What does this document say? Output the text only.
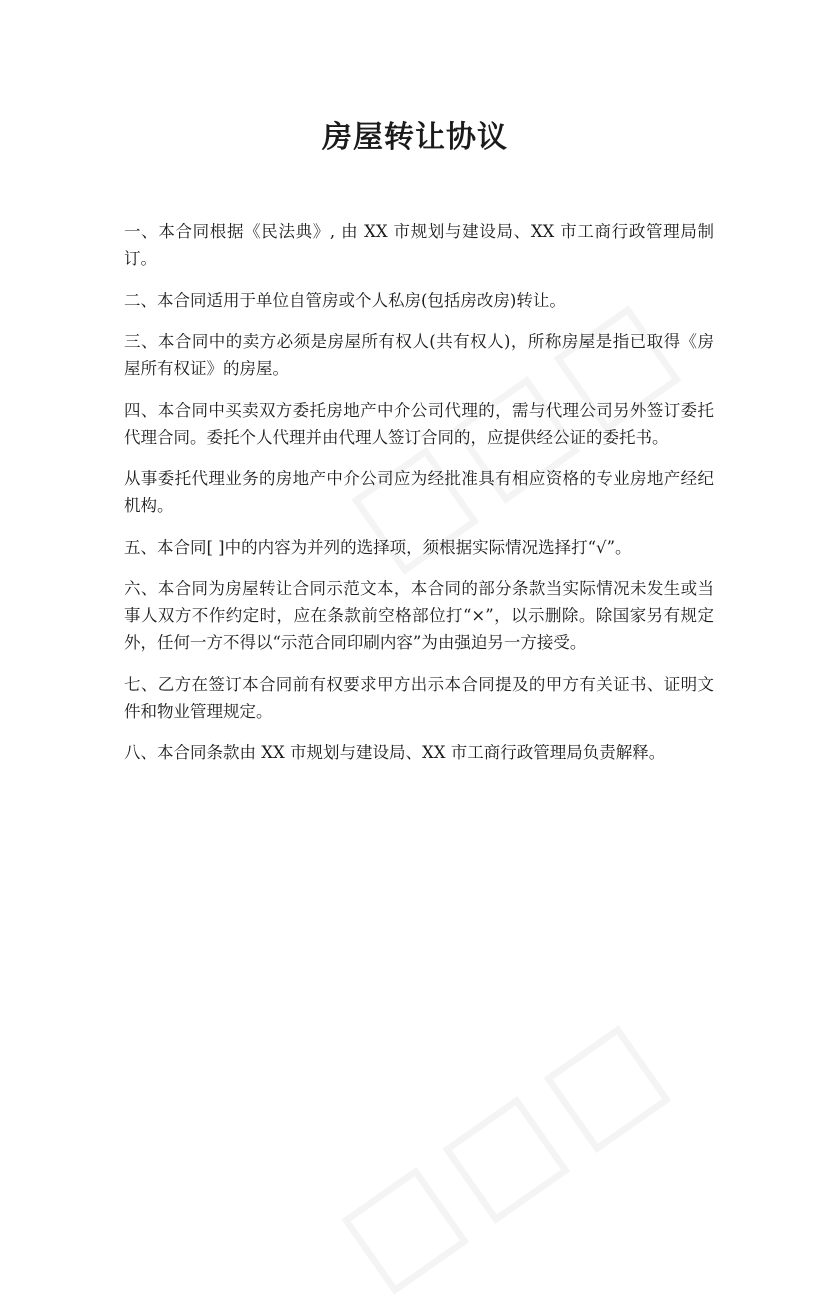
房屋转让协议

一、本合同根据《民法典》, 由 XX 市规划与建设局、XX 市工商行政管理局制订。

二、本合同适用于单位自管房或个人私房(包括房改房)转让。

三、本合同中的卖方必须是房屋所有权人(共有权人)，所称房屋是指已取得《房屋所有权证》的房屋。

四、本合同中买卖双方委托房地产中介公司代理的，需与代理公司另外签订委托代理合同。委托个人代理并由代理人签订合同的，应提供经公证的委托书。

从事委托代理业务的房地产中介公司应为经批准具有相应资格的专业房地产经纪机构。

五、本合同[ ]中的内容为并列的选择项，须根据实际情况选择打“√”。

六、本合同为房屋转让合同示范文本，本合同的部分条款当实际情况未发生或当事人双方不作约定时，应在条款前空格部位打“×”，以示删除。除国家另有规定外，任何一方不得以“示范合同印刷内容”为由强迫另一方接受。

七、乙方在签订本合同前有权要求甲方出示本合同提及的甲方有关证书、证明文件和物业管理规定。

八、本合同条款由 XX 市规划与建设局、XX 市工商行政管理局负责解释。
